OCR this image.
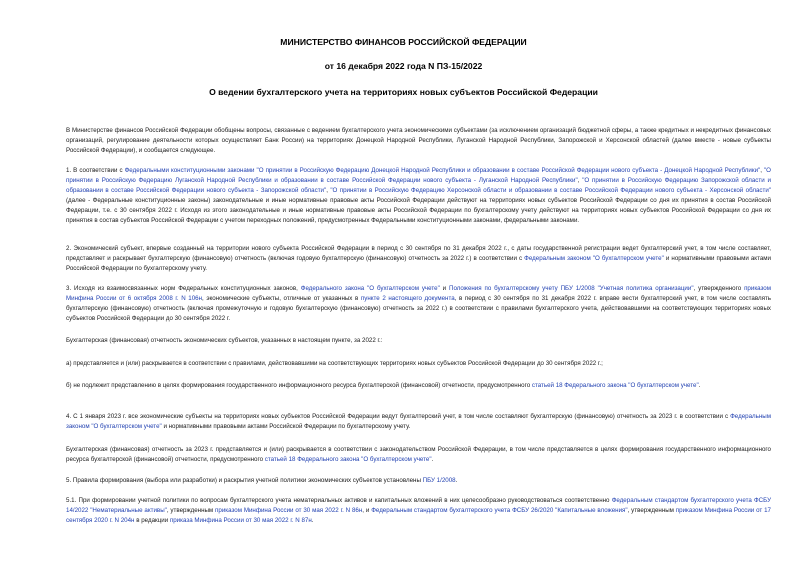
МИНИСТЕРСТВО ФИНАНСОВ РОССИЙСКОЙ ФЕДЕРАЦИИ
от 16 декабря 2022 года N ПЗ-15/2022
О ведении бухгалтерского учета на территориях новых субъектов Российской Федерации

В Министерстве финансов Российской Федерации обобщены вопросы, связанные с ведением бухгалтерского учета экономическими субъектами (за исключением организаций бюджетной сферы, а также кредитных и некредитных финансовых организаций, регулирование деятельности которых осуществляет Банк России) на территориях Донецкой Народной Республики, Луганской Народной Республики, Запорожской и Херсонской областей (далее вместе - новые субъекты Российской Федерации), и сообщается следующее.

1. В соответствии с Федеральными конституционными законами "О принятии в Российскую Федерацию Донецкой Народной Республики и образовании в составе Российской Федерации нового субъекта - Донецкой Народной Республики", "О принятии в Российскую Федерацию Луганской Народной Республики и образовании в составе Российской Федерации нового субъекта - Луганской Народной Республики", "О принятии в Российскую Федерацию Запорожской области и образовании в составе Российской Федерации нового субъекта - Запорожской области", "О принятии в Российскую Федерацию Херсонской области и образовании в составе Российской Федерации нового субъекта - Херсонской области" (далее - Федеральные конституционные законы) законодательные и иные нормативные правовые акты Российской Федерации действуют на территориях новых субъектов Российской Федерации со дня их принятия в состав Российской Федерации, т.е. с 30 сентября 2022 г. Исходя из этого законодательные и иные нормативные правовые акты Российской Федерации по бухгалтерскому учету действуют на территориях новых субъектов Российской Федерации со дня их принятия в состав субъектов Российской Федерации с учетом переходных положений, предусмотренных Федеральными конституционными законами, федеральными законами.

2. Экономический субъект, впервые созданный на территории нового субъекта Российской Федерации в период с 30 сентября по 31 декабря 2022 г., с даты государственной регистрации ведет бухгалтерский учет, в том числе составляет, представляет и раскрывает бухгалтерскую (финансовую) отчетность (включая годовую бухгалтерскую (финансовую) отчетность за 2022 г.) в соответствии с Федеральным законом "О бухгалтерском учете" и нормативными правовыми актами Российской Федерации по бухгалтерскому учету.

3. Исходя из взаимосвязанных норм Федеральных конституционных законов, Федерального закона "О бухгалтерском учете" и Положения по бухгалтерскому учету ПБУ 1/2008 "Учетная политика организации", утвержденного приказом Минфина России от 6 октября 2008 г. N 106н, экономические субъекты, отличные от указанных в пункте 2 настоящего документа, в период с 30 сентября по 31 декабря 2022 г. вправе вести бухгалтерский учет, в том числе составлять бухгалтерскую (финансовую) отчетность (включая промежуточную и годовую бухгалтерскую (финансовую) отчетность за 2022 г.) в соответствии с правилами бухгалтерского учета, действовавшими на соответствующих территориях новых субъектов Российской Федерации до 30 сентября 2022 г.

Бухгалтерская (финансовая) отчетность экономических субъектов, указанных в настоящем пункте, за 2022 г.:

а) представляется и (или) раскрывается в соответствии с правилами, действовавшими на соответствующих территориях новых субъектов Российской Федерации до 30 сентября 2022 г.;

б) не подлежит представлению в целях формирования государственного информационного ресурса бухгалтерской (финансовой) отчетности, предусмотренного статьей 18 Федерального закона "О бухгалтерском учете".

4. С 1 января 2023 г. все экономические субъекты на территориях новых субъектов Российской Федерации ведут бухгалтерский учет, в том числе составляют бухгалтерскую (финансовую) отчетность за 2023 г. в соответствии с Федеральным законом "О бухгалтерском учете" и нормативными правовыми актами Российской Федерации по бухгалтерскому учету.

Бухгалтерская (финансовая) отчетность за 2023 г. представляется и (или) раскрывается в соответствии с законодательством Российской Федерации, в том числе представляется в целях формирования государственного информационного ресурса бухгалтерской (финансовой) отчетности, предусмотренного статьей 18 Федерального закона "О бухгалтерском учете".

5. Правила формирования (выбора или разработки) и раскрытия учетной политики экономических субъектов установлены ПБУ 1/2008.

5.1. При формировании учетной политики по вопросам бухгалтерского учета нематериальных активов и капитальных вложений в них целесообразно руководствоваться соответственно Федеральным стандартом бухгалтерского учета ФСБУ 14/2022 "Нематериальные активы", утвержденным приказом Минфина России от 30 мая 2022 г. N 86н, и Федеральным стандартом бухгалтерского учета ФСБУ 26/2020 "Капитальные вложения", утвержденным приказом Минфина России от 17 сентября 2020 г. N 204н в редакции приказа Минфина России от 30 мая 2022 г. N 87н.
